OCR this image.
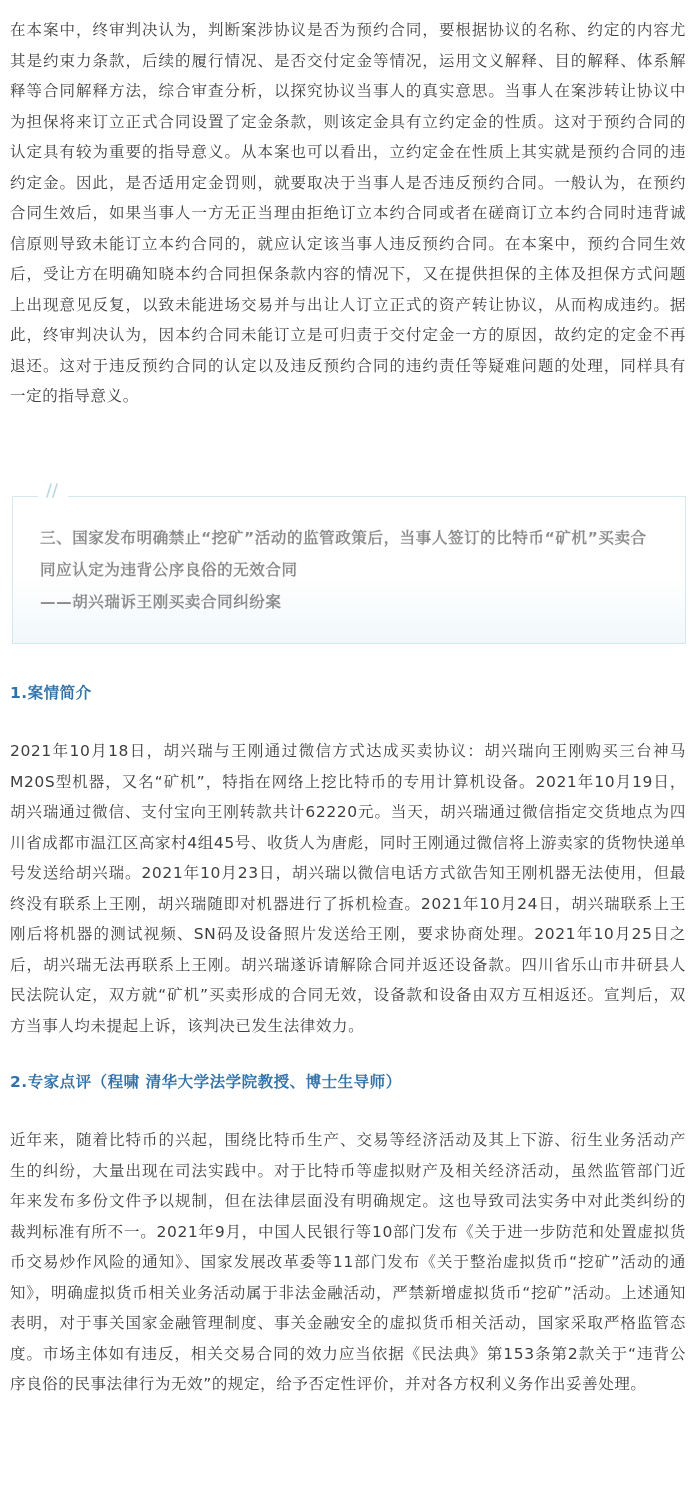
在本案中，终审判决认为，判断案涉协议是否为预约合同，要根据协议的名称、约定的内容尤其是约束力条款，后续的履行情况、是否交付定金等情况，运用文义解释、目的解释、体系解释等合同解释方法，综合审查分析，以探究协议当事人的真实意思。当事人在案涉转让协议中为担保将来订立正式合同设置了定金条款，则该定金具有立约定金的性质。这对于预约合同的认定具有较为重要的指导意义。从本案也可以看出，立约定金在性质上其实就是预约合同的违约定金。因此，是否适用定金罚则，就要取决于当事人是否违反预约合同。一般认为，在预约合同生效后，如果当事人一方无正当理由拒绝订立本约合同或者在磋商订立本约合同时违背诚信原则导致未能订立本约合同的，就应认定该当事人违反预约合同。在本案中，预约合同生效后，受让方在明确知晓本约合同担保条款内容的情况下，又在提供担保的主体及担保方式问题上出现意见反复，以致未能进场交易并与出让人订立正式的资产转让协议，从而构成违约。据此，终审判决认为，因本约合同未能订立是可归责于交付定金一方的原因，故约定的定金不再退还。这对于违反预约合同的认定以及违反预约合同的违约责任等疑难问题的处理，同样具有一定的指导意义。

三、国家发布明确禁止“挖矿”活动的监管政策后，当事人签订的比特币“矿机”买卖合
同应认定为违背公序良俗的无效合同
——胡兴瑞诉王刚买卖合同纠纷案
1.案情简介

2021年10月18日，胡兴瑞与王刚通过微信方式达成买卖协议：胡兴瑞向王刚购买三台神马M20S型机器，又名“矿机”，特指在网络上挖比特币的专用计算机设备。2021年10月19日，胡兴瑞通过微信、支付宝向王刚转款共计62220元。当天，胡兴瑞通过微信指定交货地点为四川省成都市温江区高家村4组45号、收货人为唐彪，同时王刚通过微信将上游卖家的货物快递单号发送给胡兴瑞。2021年10月23日，胡兴瑞以微信电话方式欲告知王刚机器无法使用，但最终没有联系上王刚，胡兴瑞随即对机器进行了拆机检查。2021年10月24日，胡兴瑞联系上王刚后将机器的测试视频、SN码及设备照片发送给王刚，要求协商处理。2021年10月25日之后，胡兴瑞无法再联系上王刚。胡兴瑞遂诉请解除合同并返还设备款。四川省乐山市井研县人民法院认定，双方就“矿机”买卖形成的合同无效，设备款和设备由双方互相返还。宣判后，双方当事人均未提起上诉，该判决已发生法律效力。

2.专家点评（程啸 清华大学法学院教授、博士生导师）

近年来，随着比特币的兴起，围绕比特币生产、交易等经济活动及其上下游、衍生业务活动产生的纠纷，大量出现在司法实践中。对于比特币等虚拟财产及相关经济活动，虽然监管部门近年来发布多份文件予以规制，但在法律层面没有明确规定。这也导致司法实务中对此类纠纷的裁判标准有所不一。2021年9月，中国人民银行等10部门发布《关于进一步防范和处置虚拟货币交易炒作风险的通知》、国家发展改革委等11部门发布《关于整治虚拟货币“挖矿”活动的通知》，明确虚拟货币相关业务活动属于非法金融活动，严禁新增虚拟货币“挖矿”活动。上述通知表明，对于事关国家金融管理制度、事关金融安全的虚拟货币相关活动，国家采取严格监管态度。市场主体如有违反，相关交易合同的效力应当依据《民法典》第153条第2款关于“违背公序良俗的民事法律行为无效”的规定，给予否定性评价，并对各方权利义务作出妥善处理。
